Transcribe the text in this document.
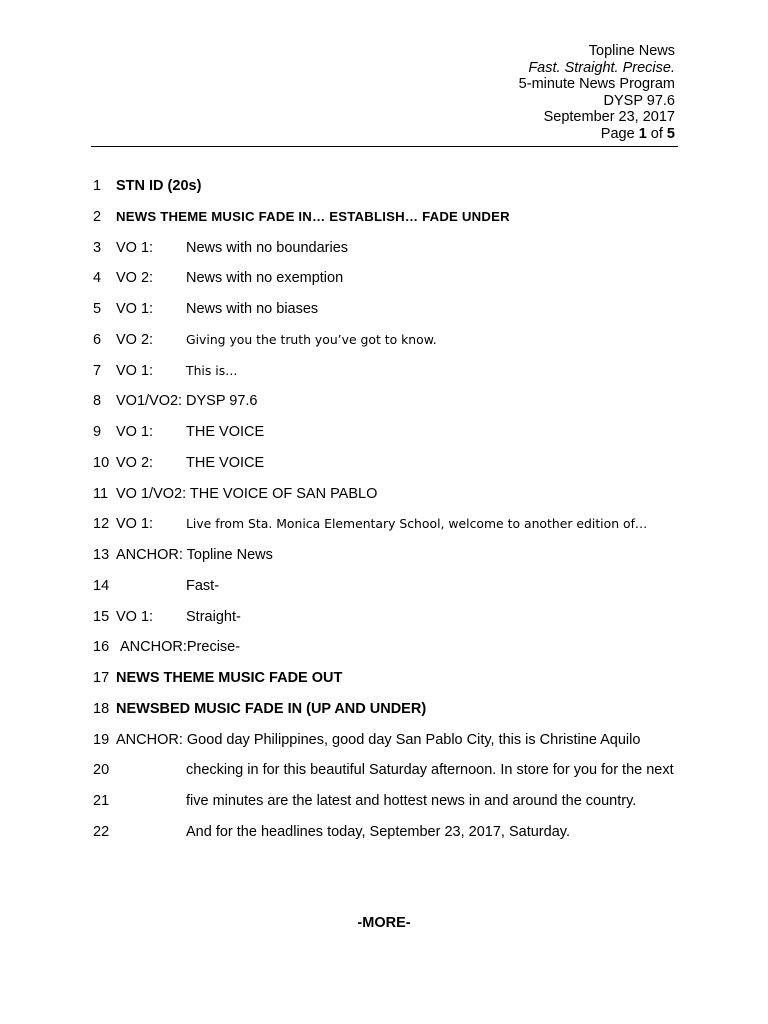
Topline News
Fast. Straight. Precise.
5-minute News Program
DYSP 97.6
September 23, 2017
Page 1 of 5
1 STN ID (20s)
2 NEWS THEME MUSIC FADE IN… ESTABLISH… FADE UNDER
3 VO 1: News with no boundaries
4 VO 2: News with no exemption
5 VO 1: News with no biases
6 VO 2:	Giving you the truth you’ve got to know.
7 VO 1:	This is…
8 VO1/VO2: DYSP 97.6
9 VO 1: THE VOICE
10 VO 2: THE VOICE
11 VO 1/VO2: THE VOICE OF SAN PABLO
12 VO 1:	Live from Sta. Monica Elementary School, welcome to another edition of…
13 ANCHOR: Topline News
14	Fast-
15 VO 1: Straight-
16 ANCHOR:Precise-
17 NEWS THEME MUSIC FADE OUT
18 NEWSBED MUSIC FADE IN (UP AND UNDER)
19 ANCHOR: Good day Philippines, good day San Pablo City, this is Christine Aquilo
20	checking in for this beautiful Saturday afternoon. In store for you for the next
21	five minutes are the latest and hottest news in and around the country.
22	And for the headlines today, September 23, 2017, Saturday.
-MORE-
